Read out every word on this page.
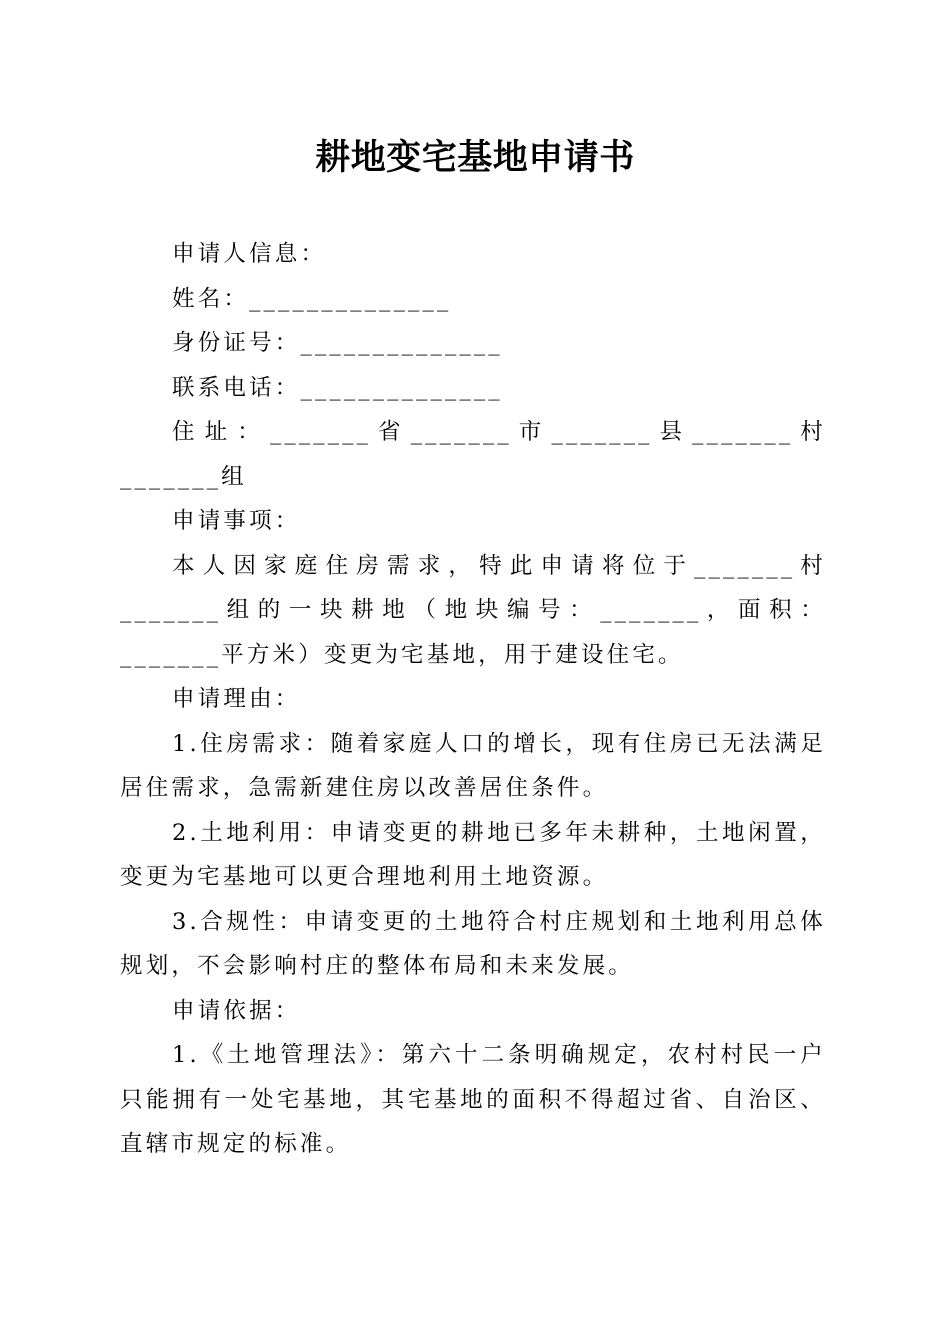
耕地变宅基地申请书

申请人信息：

姓名：______________

身份证号：______________

联系电话：______________

住址：_______省_______市_______县_______村_______组

申请事项：

本人因家庭住房需求，特此申请将位于_______村_______组的一块耕地（地块编号：_______，面积：_______平方米）变更为宅基地，用于建设住宅。

申请理由：

1.住房需求：随着家庭人口的增长，现有住房已无法满足居住需求，急需新建住房以改善居住条件。

2.土地利用：申请变更的耕地已多年未耕种，土地闲置，变更为宅基地可以更合理地利用土地资源。

3.合规性：申请变更的土地符合村庄规划和土地利用总体规划，不会影响村庄的整体布局和未来发展。

申请依据：

1.《土地管理法》：第六十二条明确规定，农村村民一户只能拥有一处宅基地，其宅基地的面积不得超过省、自治区、直辖市规定的标准。
